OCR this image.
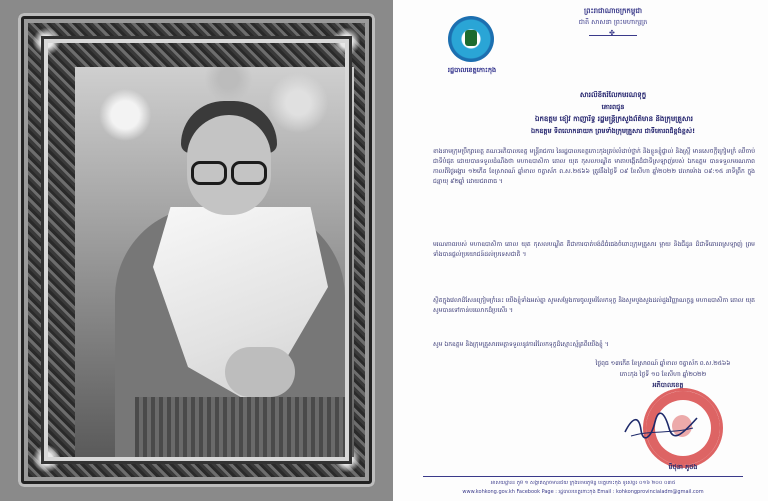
ព្រះរាជាណាចក្រកម្ពុជា
ជាតិ សាសនា ព្រះមហាក្សត្រ
✤
រដ្ឋបាលខេត្តកោះកុង
សារលិខិតរំលែកមរណទុក្ខ
គោរពជូន
ឯកឧត្តម ខៀវ កាញារីទ្ធ រដ្ឋមន្ត្រីក្រសួងព័ត៌មាន និងក្រុមគ្រួសារ
ឯកឧត្តម ទិពលោកនាយក ព្រមទាំងក្រុមគ្រួសារ ជាទីគោរពដ៏ខ្ពង់ខ្ពស់!
ខាងនាមក្រុមប្រឹក្សាខេត្ត គណៈអភិបាលខេត្ត មន្ត្រីរាជការ នៃរដ្ឋបាលខេត្តកោះកុងគ្រប់លំដាប់ថ្នាក់ និងខ្លួនខ្ញុំផ្ទាល់ និងស្ត្រី មានសេចក្តីក្រៀមក្រំ ឈឺចាប់ជាទីបំផុត ដោយបានទទួលដំណឹងថា មហាឧបាសិកា គោល យុគ កុសលបណ្ឌិត មាតាបង្កើតដ៏ជាទីស្រឡាញ់របស់ ឯកឧត្តម បានទទួលមរណភាព កាលពីថ្ងៃអង្គារ ១២កើត ខែស្រាពណ៍ ឆ្នាំខាល ចត្វាស័ក ព.ស.២៥៦៦ ត្រូវនឹងថ្ងៃទី ០៩ ខែសីហា ឆ្នាំ២០២២ វេលាម៉ោង ០៩:១៥ នាទីព្រឹក ក្នុងជន្មាយុ ៩២ឆ្នាំ ដោយជរាពាធ ។
មរណភាពរបស់ មហាឧបាសិកា គោល យុគ កុសលបណ្ឌិត គឺជាការបាត់បង់ដ៏ធំធេងចំពោះក្រុមគ្រួសារ ម្តាយ និងជីដូន ដ៏ជាទីគោរពស្រឡាញ់ ព្រមទាំងបានផ្តល់ប្រយោជន៍ដល់ប្រទេសជាតិ ។
ស្ថិតក្នុងវេលាដ៏សែនក្រៀមក្រំនេះ យើងខ្ញុំទាំងអស់គ្នា សូមសម្តែងការចូលរួមរំលែកទុក្ខ និងសូមបួងសួងដល់ដួងវិញ្ញាណក្ខន្ធ មហាឧបាសិកា គោល យុគ សូមបានទៅកាន់បរលោកដ៏ប្រសើរ ។
សូម ឯកឧត្តម និងក្រុមគ្រួសារមេត្តាទទួលនូវការរំលែកទុក្ខដ៏ស្មោះស្ម័គ្រពីយើងខ្ញុំ ។
ថ្ងៃពុធ ១៣កើត ខែស្រាពណ៍ ឆ្នាំខាល ចត្វាស័ក ព.ស.២៥៦៦
កោះកុង ថ្ងៃទី ១០ ខែសីហា ឆ្នាំ២០២២
អភិបាលខេត្ត
មិថុនា ភូថង
អាសយដ្ឋាន៖ ភូមិ ១ សង្កាត់ស្មាច់មានជ័យ ក្រុងខេមរភូមិន្ទ ខេត្តកោះកុង ទូរស័ព្ទ៖ ០១៦ ២០០ ០៣៥
www.kohkong.gov.kh Facebook Page : រដ្ឋបាលខេត្តកោះកុង Email : kohkongprovincialadm@gmail.com
